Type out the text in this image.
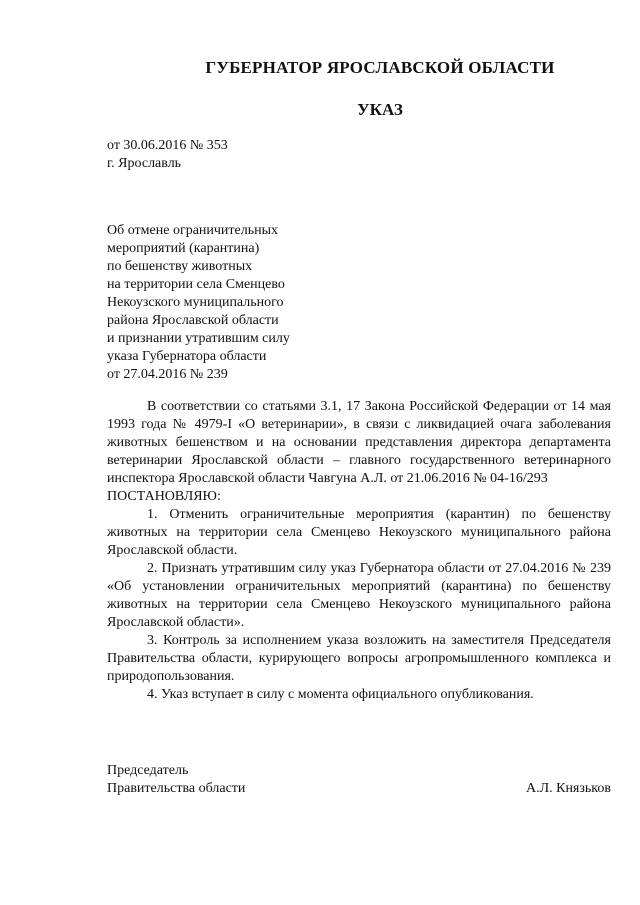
ГУБЕРНАТОР ЯРОСЛАВСКОЙ ОБЛАСТИ
УКАЗ
от 30.06.2016 № 353
г. Ярославль
Об отмене ограничительных
мероприятий (карантина)
по бешенству животных
на территории села Сменцево
Некоузского муниципального
района Ярославской области
и признании утратившим силу
указа Губернатора области
от 27.04.2016 № 239

В соответствии со статьями 3.1, 17 Закона Российской Федерации от 14 мая 1993 года № 4979-I «О ветеринарии», в связи с ликвидацией очага заболевания животных бешенством и на основании представления директора департамента ветеринарии Ярославской области – главного государственного ветеринарного инспектора Ярославской области Чавгуна А.Л. от 21.06.2016 № 04-16/293

ПОСТАНОВЛЯЮ:

1. Отменить ограничительные мероприятия (карантин) по бешенству животных на территории села Сменцево Некоузского муниципального района Ярославской области.

2. Признать утратившим силу указ Губернатора области от 27.04.2016 № 239 «Об установлении ограничительных мероприятий (карантина) по бешенству животных на территории села Сменцево Некоузского муниципального района Ярославской области».

3. Контроль за исполнением указа возложить на заместителя Председателя Правительства области, курирующего вопросы агропромышленного комплекса и природопользования.

4. Указ вступает в силу с момента официального опубликования.

Председатель
Правительства области	А.Л. Князьков
